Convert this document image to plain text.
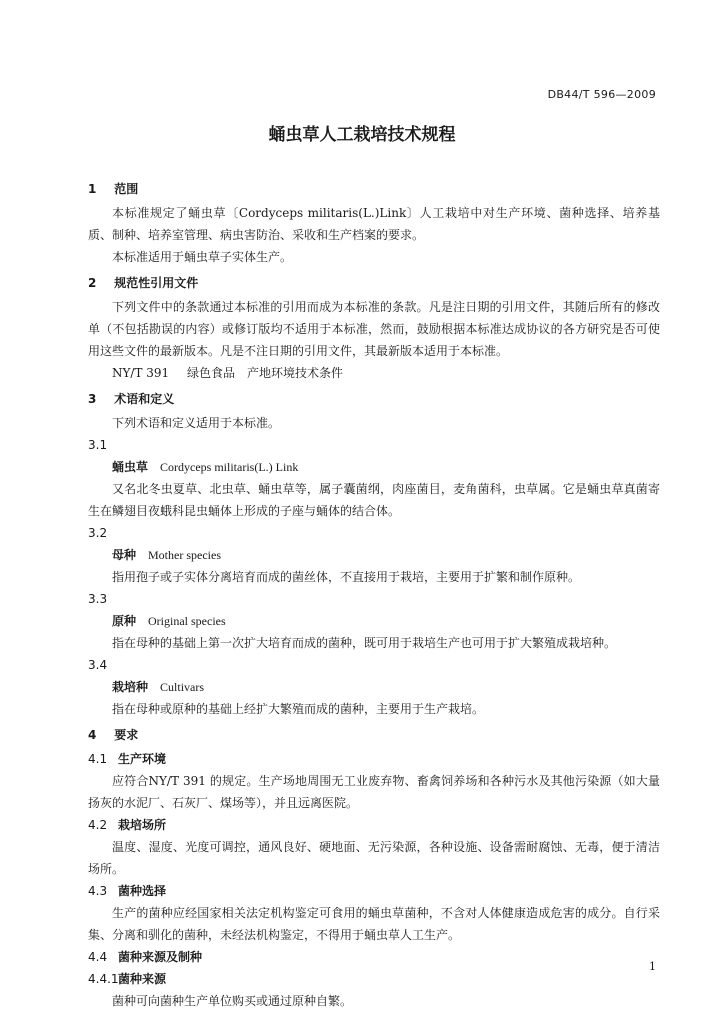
DB44/T 596—2009
蛹虫草人工栽培技术规程
1 范围
本标准规定了蛹虫草〔Cordyceps militaris(L.)Link〕人工栽培中对生产环境、菌种选择、培养基质、制种、培养室管理、病虫害防治、采收和生产档案的要求。
本标准适用于蛹虫草子实体生产。
2 规范性引用文件
下列文件中的条款通过本标准的引用而成为本标准的条款。凡是注日期的引用文件，其随后所有的修改单（不包括勘误的内容）或修订版均不适用于本标准，然而，鼓励根据本标准达成协议的各方研究是否可使用这些文件的最新版本。凡是不注日期的引用文件，其最新版本适用于本标准。
NY/T 391 绿色食品　产地环境技术条件
3 术语和定义
下列术语和定义适用于本标准。
3.1
蛹虫草 Cordyceps militaris(L.) Link
又名北冬虫夏草、北虫草、蛹虫草等，属子囊菌纲，肉座菌目，麦角菌科，虫草属。它是蛹虫草真菌寄生在鳞翅目夜蛾科昆虫蛹体上形成的子座与蛹体的结合体。
3.2
母种 Mother species
指用孢子或子实体分离培育而成的菌丝体，不直接用于栽培，主要用于扩繁和制作原种。
3.3
原种 Original species
指在母种的基础上第一次扩大培育而成的菌种，既可用于栽培生产也可用于扩大繁殖成栽培种。
3.4
栽培种 Cultivars
指在母种或原种的基础上经扩大繁殖而成的菌种，主要用于生产栽培。
4 要求
4.1 生产环境
应符合NY/T 391 的规定。生产场地周围无工业废弃物、畜禽饲养场和各种污水及其他污染源（如大量扬灰的水泥厂、石灰厂、煤场等），并且远离医院。
4.2 栽培场所
温度、湿度、光度可调控，通风良好、硬地面、无污染源，各种设施、设备需耐腐蚀、无毒，便于清洁场所。
4.3 菌种选择
生产的菌种应经国家相关法定机构鉴定可食用的蛹虫草菌种，不含对人体健康造成危害的成分。自行采集、分离和驯化的菌种，未经法机构鉴定，不得用于蛹虫草人工生产。
4.4 菌种来源及制种
4.4.1菌种来源
菌种可向菌种生产单位购买或通过原种自繁。
1
